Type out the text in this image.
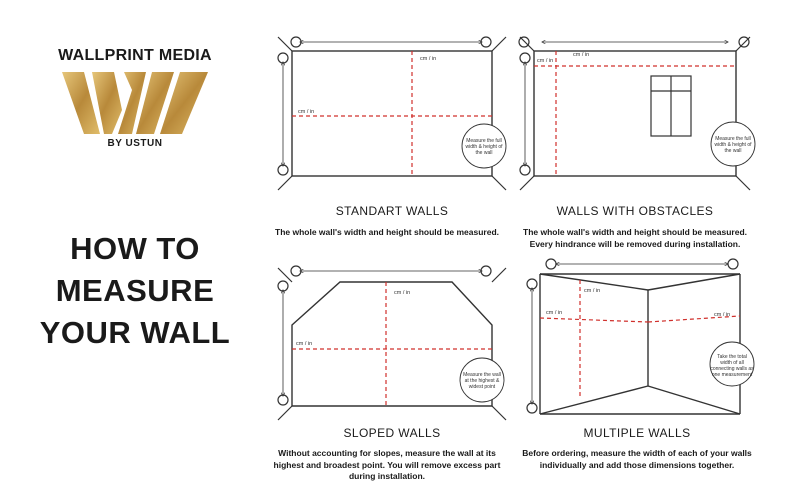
WALLPRINT MEDIA
BY USTUN
HOW TO
MEASURE
YOUR WALL
cm / in
cm / in
cm / in
cm / in
cm / in
cm / in
cm / in
cm / in	cm / in
Measure the full
width & height of
the wall
Measure the full
width & height of
the wall
Measure the wall
at the highest &
widest point
Take the total
width of all
connecting walls as
one measurement
STANDART WALLS
The whole wall's width and height should be measured.
WALLS WITH OBSTACLES
The whole wall's width and height should be measured.
Every hindrance will be removed during installation.
SLOPED WALLS
Without accounting for slopes, measure the wall at its
highest and broadest point. You will remove excess part
during installation.
MULTIPLE WALLS
Before ordering, measure the width of each of your walls
individually and add those dimensions together.
